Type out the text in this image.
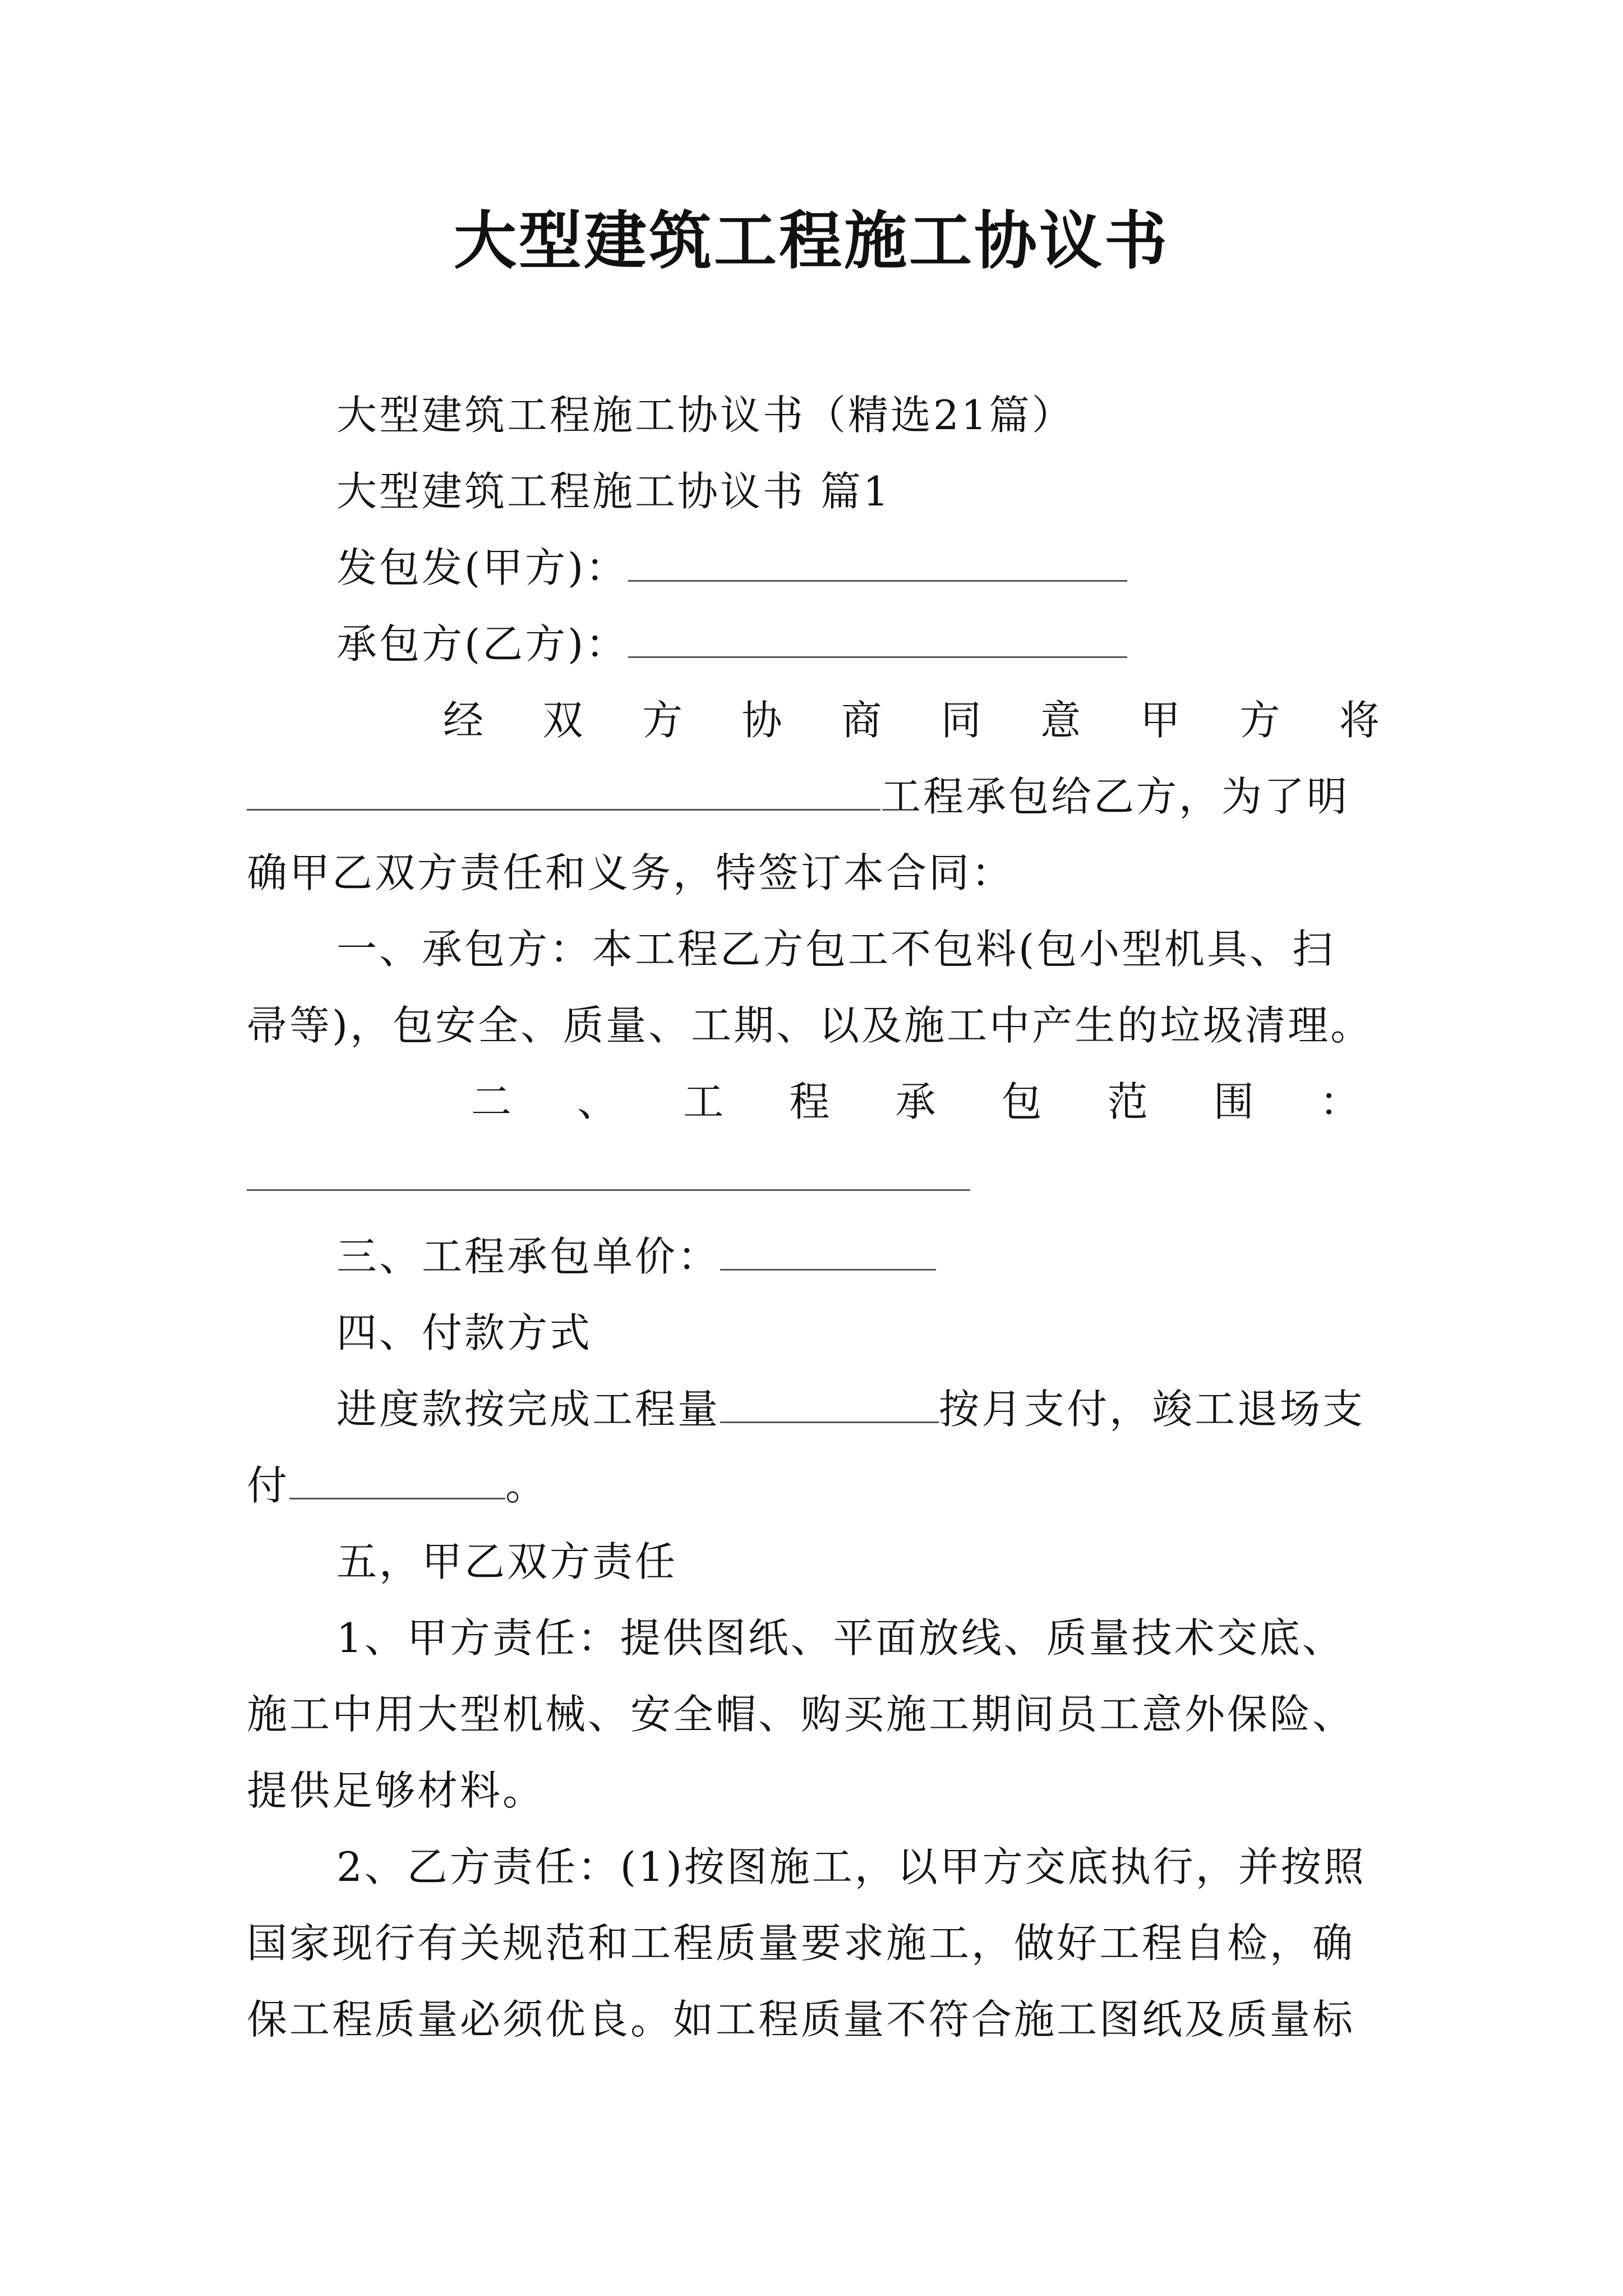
大型建筑工程施工协议书
大型建筑工程施工协议书（精选21篇）
大型建筑工程施工协议书 篇1
发包发(甲方)：
承包方(乙方)：
经 双 方 协 商 同 意 甲 方 将
工程承包给乙方，为了明
确甲乙双方责任和义务，特签订本合同：
一、承包方：本工程乙方包工不包料(包小型机具、扫
帚等)，包安全、质量、工期、以及施工中产生的垃圾清理。
二 、 工 程 承 包 范 围 ：
三、工程承包单价：
四、付款方式
进度款按完成工程量	按月支付，竣工退场支
付	。
五，甲乙双方责任
1、甲方责任：提供图纸、平面放线、质量技术交底、
施工中用大型机械、安全帽、购买施工期间员工意外保险、
提供足够材料。
2、乙方责任：(1)按图施工，以甲方交底执行，并按照
国家现行有关规范和工程质量要求施工，做好工程自检，确
保工程质量必须优良。如工程质量不符合施工图纸及质量标
